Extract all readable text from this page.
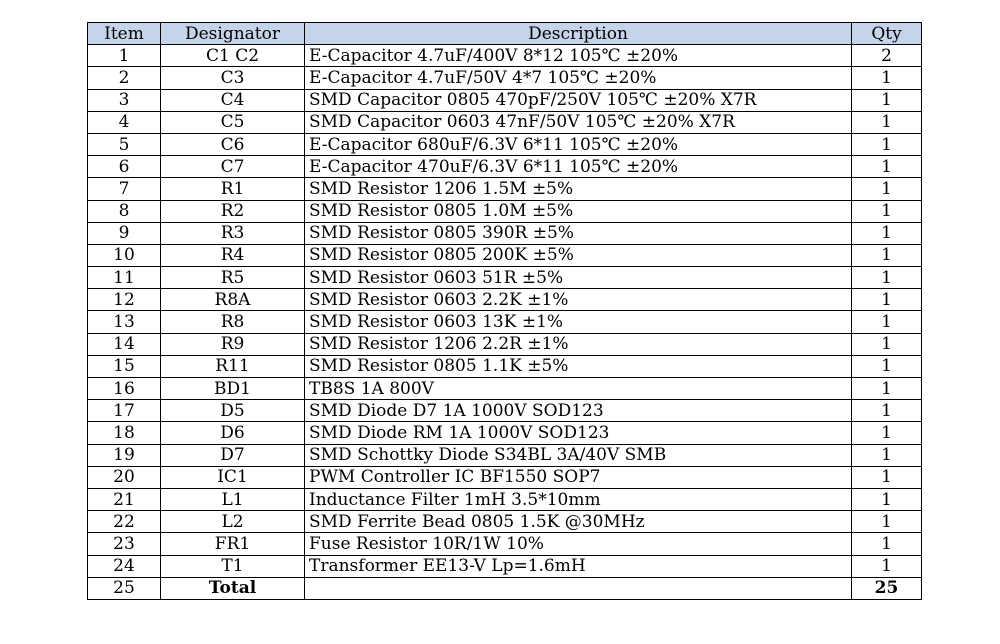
Item	Designator	Description	Qty
1	C1 C2	E-Capacitor 4.7uF/400V 8*12 105℃ ±20%	2
2	C3	E-Capacitor 4.7uF/50V 4*7 105℃ ±20%	1
3	C4	SMD Capacitor 0805 470pF/250V 105℃ ±20% X7R	1
4	C5	SMD Capacitor 0603 47nF/50V 105℃ ±20% X7R	1
5	C6	E-Capacitor 680uF/6.3V 6*11 105℃ ±20%	1
6	C7	E-Capacitor 470uF/6.3V 6*11 105℃ ±20%	1
7	R1	SMD Resistor 1206 1.5M ±5%	1
8	R2	SMD Resistor 0805 1.0M ±5%	1
9	R3	SMD Resistor 0805 390R ±5%	1
10	R4	SMD Resistor 0805 200K ±5%	1
11	R5	SMD Resistor 0603 51R ±5%	1
12	R8A	SMD Resistor 0603 2.2K ±1%	1
13	R8	SMD Resistor 0603 13K ±1%	1
14	R9	SMD Resistor 1206 2.2R ±1%	1
15	R11	SMD Resistor 0805 1.1K ±5%	1
16	BD1	TB8S 1A 800V	1
17	D5	SMD Diode D7 1A 1000V SOD123	1
18	D6	SMD Diode RM 1A 1000V SOD123	1
19	D7	SMD Schottky Diode S34BL 3A/40V SMB	1
20	IC1	PWM Controller IC BF1550 SOP7	1
21	L1	Inductance Filter 1mH 3.5*10mm	1
22	L2	SMD Ferrite Bead 0805 1.5K @30MHz	1
23	FR1	Fuse Resistor 10R/1W 10%	1
24	T1	Transformer EE13-V Lp=1.6mH	1
25	Total		25
